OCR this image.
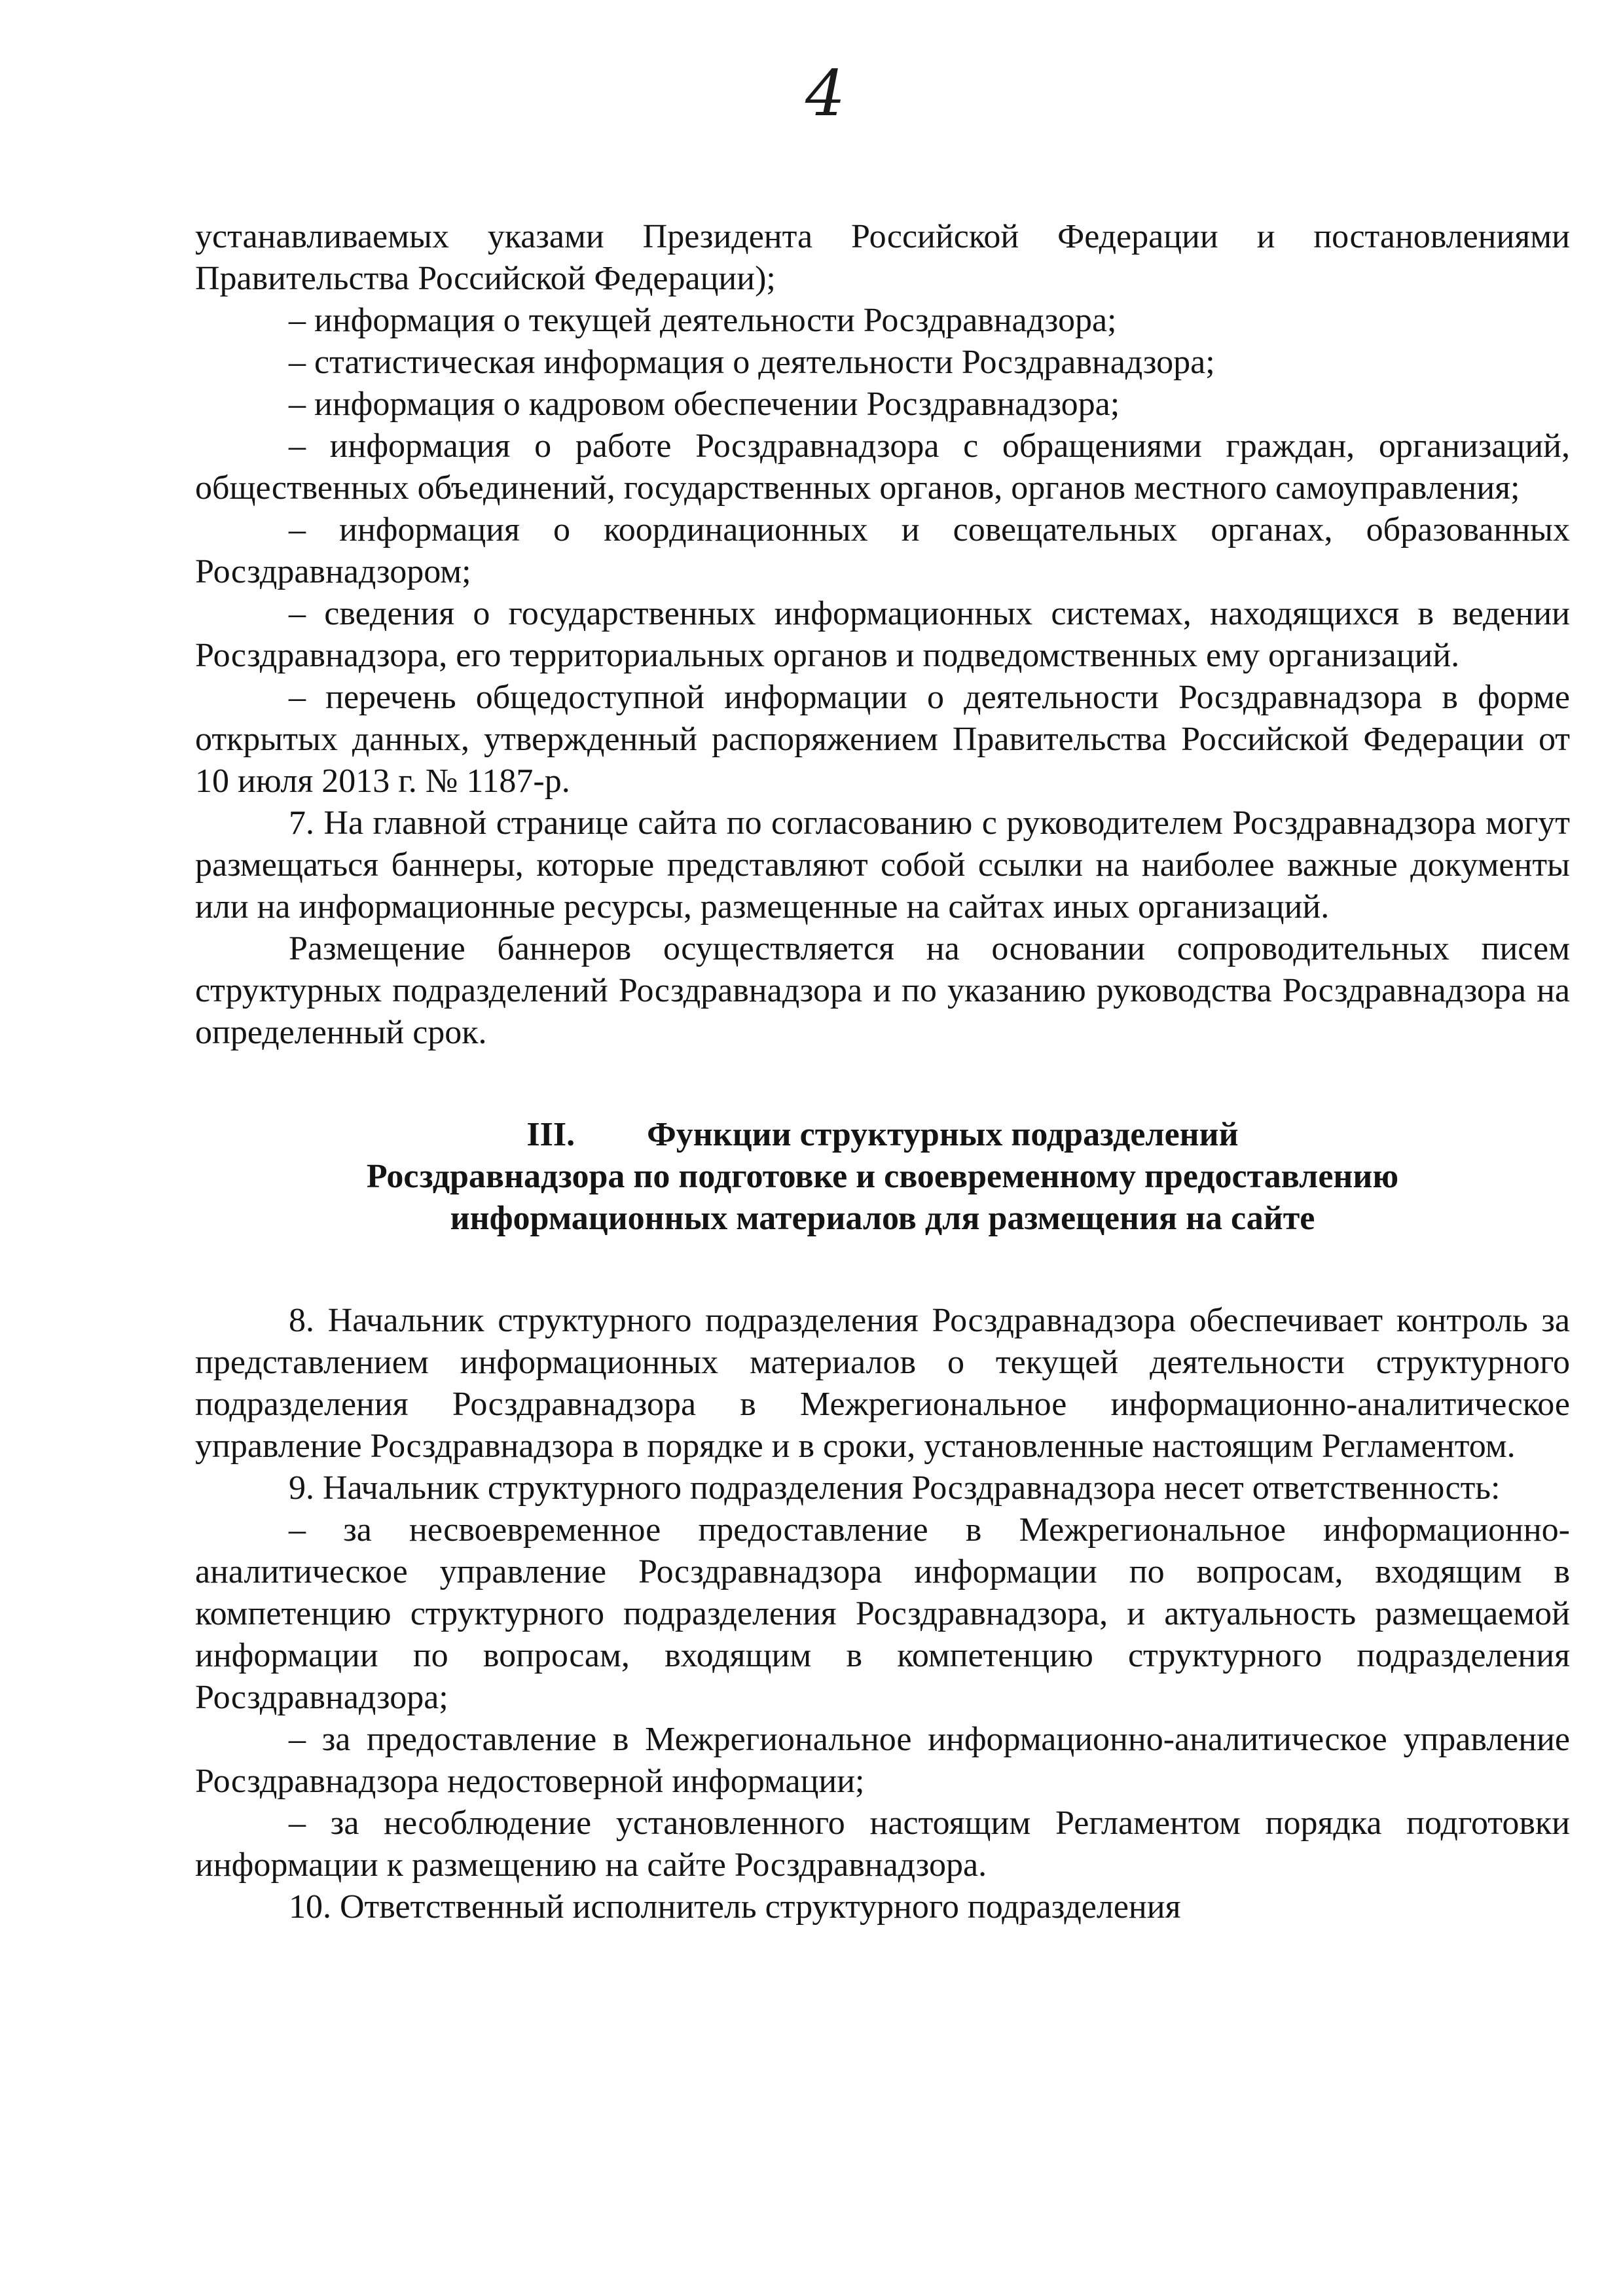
4

устанавливаемых указами Президента Российской Федерации и постановлениями Правительства Российской Федерации);

– информация о текущей деятельности Росздравнадзора;

– статистическая информация о деятельности Росздравнадзора;

– информация о кадровом обеспечении Росздравнадзора;

– информация о работе Росздравнадзора с обращениями граждан, организаций, общественных объединений, государственных органов, органов местного самоуправления;

– информация о координационных и совещательных органах, образованных Росздравнадзором;

– сведения о государственных информационных системах, находящихся в ведении Росздравнадзора, его территориальных органов и подведомственных ему организаций.

– перечень общедоступной информации о деятельности Росздравнадзора в форме открытых данных, утвержденный распоряжением Правительства Российской Федерации от 10 июля 2013 г. № 1187-р.

7. На главной странице сайта по согласованию с руководителем Росздравнадзора могут размещаться баннеры, которые представляют собой ссылки на наиболее важные документы или на информационные ресурсы, размещенные на сайтах иных организаций.

Размещение баннеров осуществляется на основании сопроводительных писем структурных подразделений Росздравнадзора и по указанию руководства Росздравнадзора на определенный срок.

III. Функции структурных подразделений
Росздравнадзора по подготовке и своевременному предоставлению
информационных материалов для размещения на сайте

8. Начальник структурного подразделения Росздравнадзора обеспечивает контроль за представлением информационных материалов о текущей деятельности структурного подразделения Росздравнадзора в Межрегиональное информационно-аналитическое управление Росздравнадзора в порядке и в сроки, установленные настоящим Регламентом.

9. Начальник структурного подразделения Росздравнадзора несет ответственность:

– за несвоевременное предоставление в Межрегиональное информационно-аналитическое управление Росздравнадзора информации по вопросам, входящим в компетенцию структурного подразделения Росздравнадзора, и актуальность размещаемой информации по вопросам, входящим в компетенцию структурного подразделения Росздравнадзора;

– за предоставление в Межрегиональное информационно-аналитическое управление Росздравнадзора недостоверной информации;

– за несоблюдение установленного настоящим Регламентом порядка подготовки информации к размещению на сайте Росздравнадзора.

10. Ответственный исполнитель структурного подразделения
